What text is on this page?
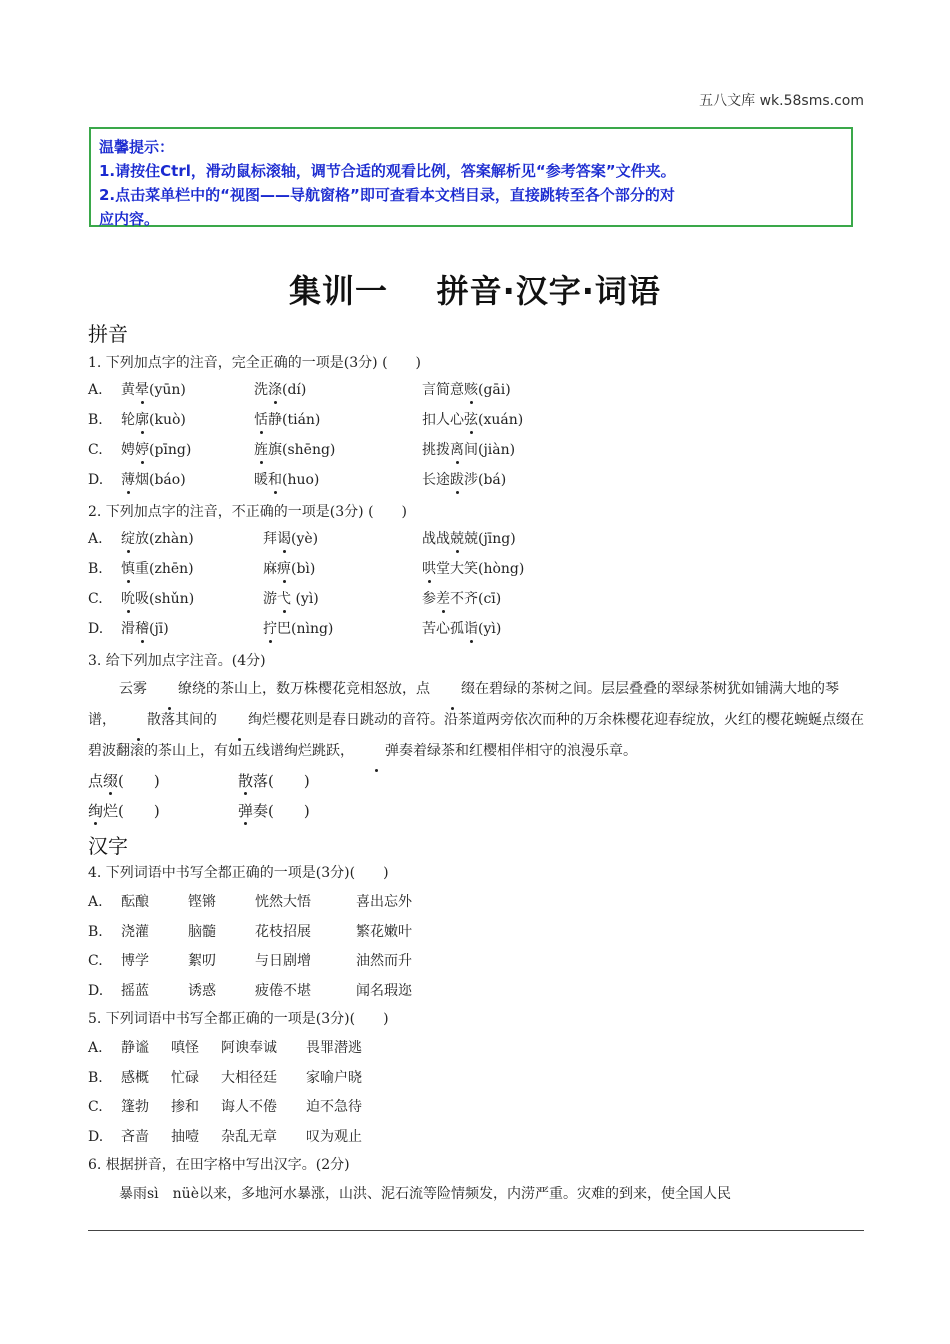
五八文库 wk.58sms.com
温馨提示：
1.请按住Ctrl，滑动鼠标滚轴，调节合适的观看比例，答案解析见“参考答案”文件夹。
2.点击菜单栏中的“视图——导航窗格”即可查看本文档目录，直接跳转至各个部分的对
应内容。
集训一    拼音·汉字·词语
拼音
1. 下列加点字的注音，完全正确的一项是(3分) (　　)
A. 黄晕(yūn)	洗涤(dí)	言简意赅(gāi)
B. 轮廓(kuò)	恬静(tián)	扣人心弦(xuán)
C. 娉婷(pīng)	旌旗(shēng)	挑拨离间(jiàn)
D. 薄烟(báo)	暖和(huo)	长途跋涉(bá)
2. 下列加点字的注音，不正确的一项是(3分) (　　)
A. 绽放(zhàn)	拜谒(yè)	战战兢兢(jīng)
B. 慎重(zhēn)	麻痹(bì)	哄堂大笑(hòng)
C. 吮吸(shǔn)	游弋 (yì)	参差不齐(cī)
D. 滑稽(jī)	拧巴(nìng)	苦心孤诣(yì)
3. 给下列加点字注音。(4分)
云雾 缭绕的茶山上，数万株樱花竞相怒放，点 缀在碧绿的茶树之间。层层叠叠的翠绿茶树犹如铺满大地的琴谱， 散落其间的 绚烂樱花则是春日跳动的音符。沿茶道两旁依次而种的万余株樱花迎春绽放，火红的樱花蜿蜒点缀在碧波翻滚的茶山上，有如五线谱绚烂跳跃， 弹奏着绿茶和红樱相伴相守的浪漫乐章。
点缀(　　)	散落(　　)
绚烂(　　)	弹奏(　　)
汉字
4. 下列词语中书写全都正确的一项是(3分)(　　)
A. 酝酿	铿锵	恍然大悟	喜出忘外
B. 浇灌	脑髓	花枝招展	繁花嫩叶
C. 博学	絮叨	与日剧增	油然而升
D. 摇蓝	诱惑	疲倦不堪	闻名瑕迩
5. 下列词语中书写全都正确的一项是(3分)(　　)
A. 静谧 嗔怪 阿谀奉诚 畏罪潜逃
B. 感概 忙碌 大相径廷 家喻户晓
C. 篷勃 掺和 诲人不倦 迫不急待
D. 吝啬 抽噎 杂乱无章 叹为观止
6. 根据拼音，在田字格中写出汉字。(2分)
暴雨sì　nüè以来，多地河水暴涨，山洪、泥石流等险情频发，内涝严重。灾难的到来，使全国人民
